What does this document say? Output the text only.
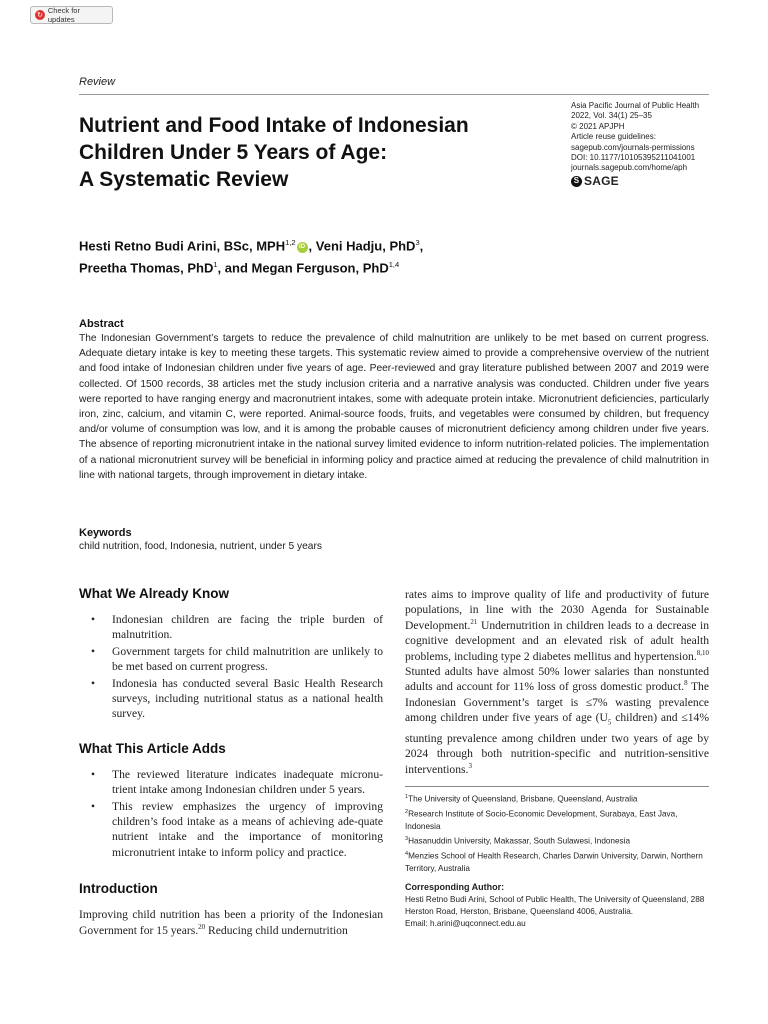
↻ Check for updates
Review
Nutrient and Food Intake of Indonesian
Children Under 5 Years of Age:
A Systematic Review
Asia Pacific Journal of Public Health
2022, Vol. 34(1) 25–35
© 2021 APJPH
Article reuse guidelines:
sagepub.com/journals-permissions
DOI: 10.1177/10105395211041001
journals.sagepub.com/home/aph
S SAGE
Hesti Retno Budi Arini, BSc, MPH$^{1,2}$iD , Veni Hadju, PhD$^3$,
Preetha Thomas, PhD$^1$, and Megan Ferguson, PhD$^{1,4}$
Abstract

The Indonesian Government’s targets to reduce the prevalence of child malnutrition are unlikely to be met based on current progress. Adequate dietary intake is key to meeting these targets. This systematic review aimed to provide a comprehensive overview of the nutrient and food intake of Indonesian children under five years of age. Peer-reviewed and gray literature published between 2007 and 2019 were collected. Of 1500 records, 38 articles met the study inclusion criteria and a narrative analysis was conducted. Children under five years were reported to have ranging energy and macronutrient intakes, some with adequate protein intake. Micronutrient deficiencies, particularly iron, zinc, calcium, and vitamin C, were reported. Animal-source foods, fruits, and vegetables were consumed by children, but frequency and/or volume of consumption was low, and it is among the probable causes of micronutrient deficiency among children under five years. The absence of reporting micronutrient intake in the national survey limited evidence to inform nutrition-related policies. The implementation of a national micronutrient survey will be beneficial in informing policy and practice aimed at reducing the prevalence of child malnutrition in line with national targets, through improvement in dietary intake.

Keywords

child nutrition, food, Indonesia, nutrient, under 5 years

What We Already Know
• Indonesian children are facing the triple burden of malnutrition.
• Government targets for child malnutrition are unlikely to be met based on current progress.
• Indonesia has conducted several Basic Health Research surveys, including nutritional status as a national health survey.
What This Article Adds
• The reviewed literature indicates inadequate micronu-trient intake among Indonesian children under 5 years.
• This review emphasizes the urgency of improving children’s food intake as a means of achieving ade-quate nutrient intake and the importance of monitoring micronutrient intake to inform policy and practice.
Introduction

Improving child nutrition has been a priority of the Indonesian Government for 15 years.$^{20}$ Reducing child undernutrition

rates aims to improve quality of life and productivity of future populations, in line with the 2030 Agenda for Sustainable Development.$^{21}$ Undernutrition in children leads to a decrease in cognitive development and an elevated risk of adult health problems, including type 2 diabetes mellitus and hypertension.$^{8,10}$ Stunted adults have almost 50% lower salaries than nonstunted adults and account for 11% loss of gross domestic product.$^8$ The Indonesian Government’s target is ≤7% wasting prevalence among children under five years of age ($U_5$ children) and ≤14% stunting prevalence among children under two years of age by 2024 through both nutrition-specific and nutrition-sensitive interventions.$^3$

$^1$The University of Queensland, Brisbane, Queensland, Australia
$^2$Research Institute of Socio-Economic Development, Surabaya, East Java, Indonesia
$^3$Hasanuddin University, Makassar, South Sulawesi, Indonesia
$^4$Menzies School of Health Research, Charles Darwin University, Darwin, Northern Territory, Australia
Corresponding Author:
Hesti Retno Budi Arini, School of Public Health, The University of Queensland, 288 Herston Road, Herston, Brisbane, Queensland 4006, Australia.
Email: h.arini@uqconnect.edu.au
